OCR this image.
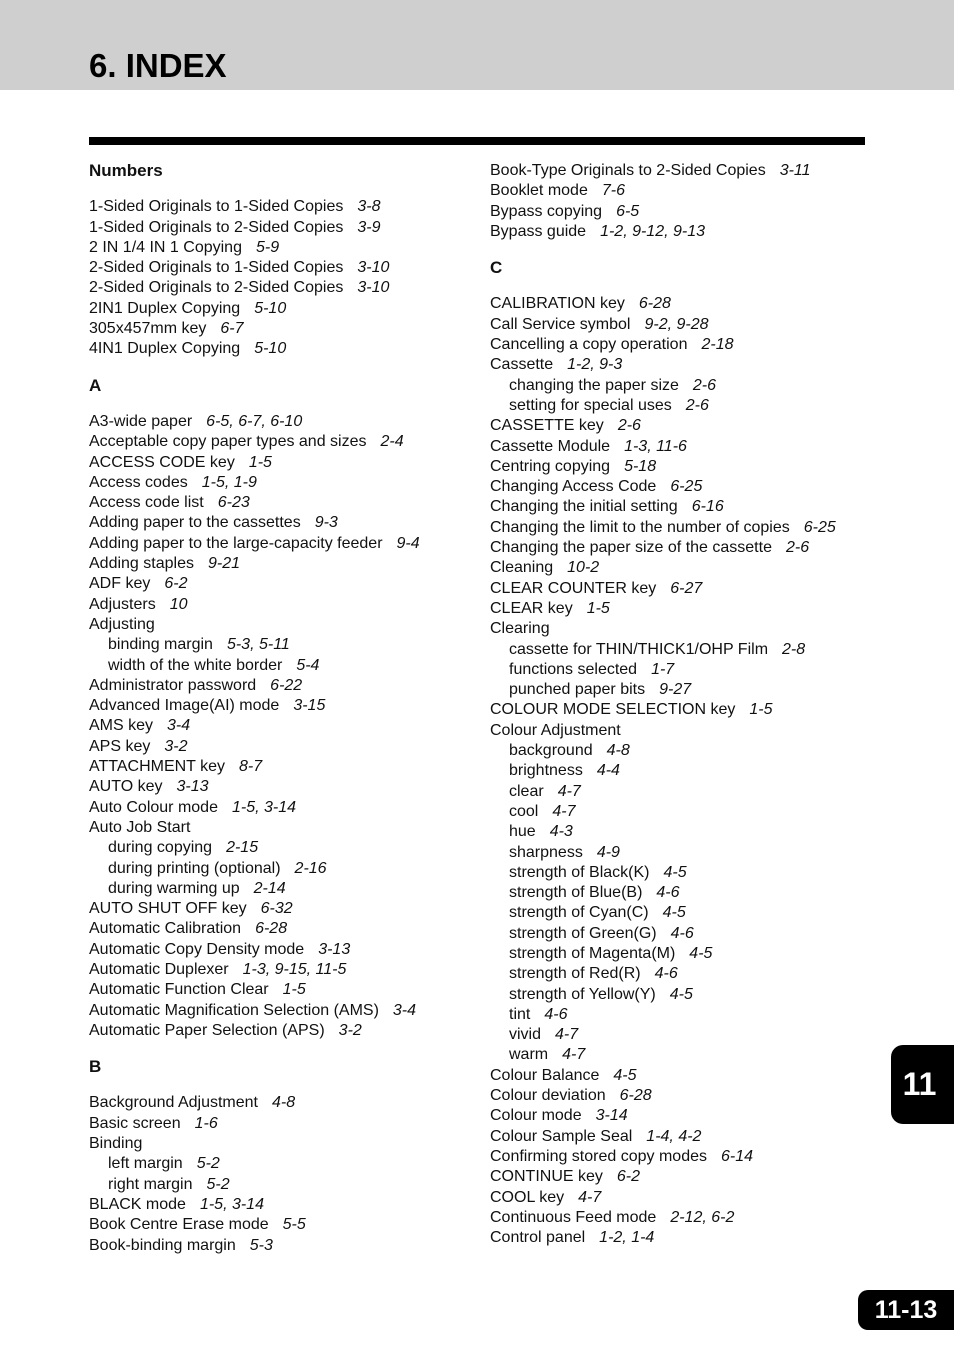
6. INDEX
Numbers
1-Sided Originals to 1-Sided Copies 3-8
1-Sided Originals to 2-Sided Copies 3-9
2 IN 1/4 IN 1 Copying 5-9
2-Sided Originals to 1-Sided Copies 3-10
2-Sided Originals to 2-Sided Copies 3-10
2IN1 Duplex Copying 5-10
305x457mm key 6-7
4IN1 Duplex Copying 5-10
A
A3-wide paper 6-5, 6-7, 6-10
Acceptable copy paper types and sizes 2-4
ACCESS CODE key 1-5
Access codes 1-5, 1-9
Access code list 6-23
Adding paper to the cassettes 9-3
Adding paper to the large-capacity feeder 9-4
Adding staples 9-21
ADF key 6-2
Adjusters 10
Adjusting
binding margin 5-3, 5-11
width of the white border 5-4
Administrator password 6-22
Advanced Image(AI) mode 3-15
AMS key 3-4
APS key 3-2
ATTACHMENT key 8-7
AUTO key 3-13
Auto Colour mode 1-5, 3-14
Auto Job Start
during copying 2-15
during printing (optional) 2-16
during warming up 2-14
AUTO SHUT OFF key 6-32
Automatic Calibration 6-28
Automatic Copy Density mode 3-13
Automatic Duplexer 1-3, 9-15, 11-5
Automatic Function Clear 1-5
Automatic Magnification Selection (AMS) 3-4
Automatic Paper Selection (APS) 3-2
B
Background Adjustment 4-8
Basic screen 1-6
Binding
left margin 5-2
right margin 5-2
BLACK mode 1-5, 3-14
Book Centre Erase mode 5-5
Book-binding margin 5-3
Book-Type Originals to 2-Sided Copies 3-11
Booklet mode 7-6
Bypass copying 6-5
Bypass guide 1-2, 9-12, 9-13
C
CALIBRATION key 6-28
Call Service symbol 9-2, 9-28
Cancelling a copy operation 2-18
Cassette 1-2, 9-3
changing the paper size 2-6
setting for special uses 2-6
CASSETTE key 2-6
Cassette Module 1-3, 11-6
Centring copying 5-18
Changing Access Code 6-25
Changing the initial setting 6-16
Changing the limit to the number of copies 6-25
Changing the paper size of the cassette 2-6
Cleaning 10-2
CLEAR COUNTER key 6-27
CLEAR key 1-5
Clearing
cassette for THIN/THICK1/OHP Film 2-8
functions selected 1-7
punched paper bits 9-27
COLOUR MODE SELECTION key 1-5
Colour Adjustment
background 4-8
brightness 4-4
clear 4-7
cool 4-7
hue 4-3
sharpness 4-9
strength of Black(K) 4-5
strength of Blue(B) 4-6
strength of Cyan(C) 4-5
strength of Green(G) 4-6
strength of Magenta(M) 4-5
strength of Red(R) 4-6
strength of Yellow(Y) 4-5
tint 4-6
vivid 4-7
warm 4-7
Colour Balance 4-5
Colour deviation 6-28
Colour mode 3-14
Colour Sample Seal 1-4, 4-2
Confirming stored copy modes 6-14
CONTINUE key 6-2
COOL key 4-7
Continuous Feed mode 2-12, 6-2
Control panel 1-2, 1-4
11
11-13
